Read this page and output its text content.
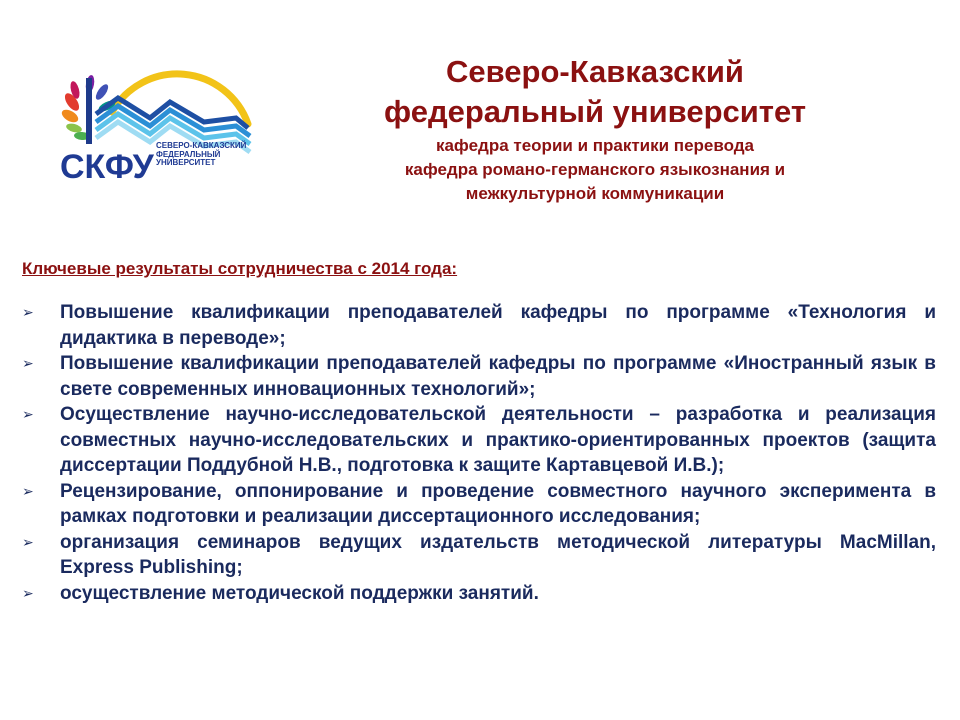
СКФУ
СЕВЕРО-КАВКАЗСКИЙ
ФЕДЕРАЛЬНЫЙ
УНИВЕРСИТЕТ
Северо-Кавказский
федеральный университет
кафедра теории и практики перевода
кафедра романо-германского языкознания и
межкультурной коммуникации
Ключевые результаты сотрудничества с 2014 года:
➢ Повышение квалификации преподавателей кафедры по программе «Технология и дидактика в переводе»;
➢ Повышение квалификации преподавателей кафедры по программе «Иностранный язык в свете современных инновационных технологий»;
➢ Осуществление научно-исследовательской деятельности – разработка и реализация совместных научно-исследовательских и практико-ориентированных проектов (защита диссертации Поддубной Н.В., подготовка к защите Картавцевой И.В.);
➢ Рецензирование, оппонирование и проведение совместного научного эксперимента в рамках подготовки и реализации диссертационного исследования;
➢ организация семинаров ведущих издательств методической литературы MacMillan, Express Publishing;
➢ осуществление методической поддержки занятий.
